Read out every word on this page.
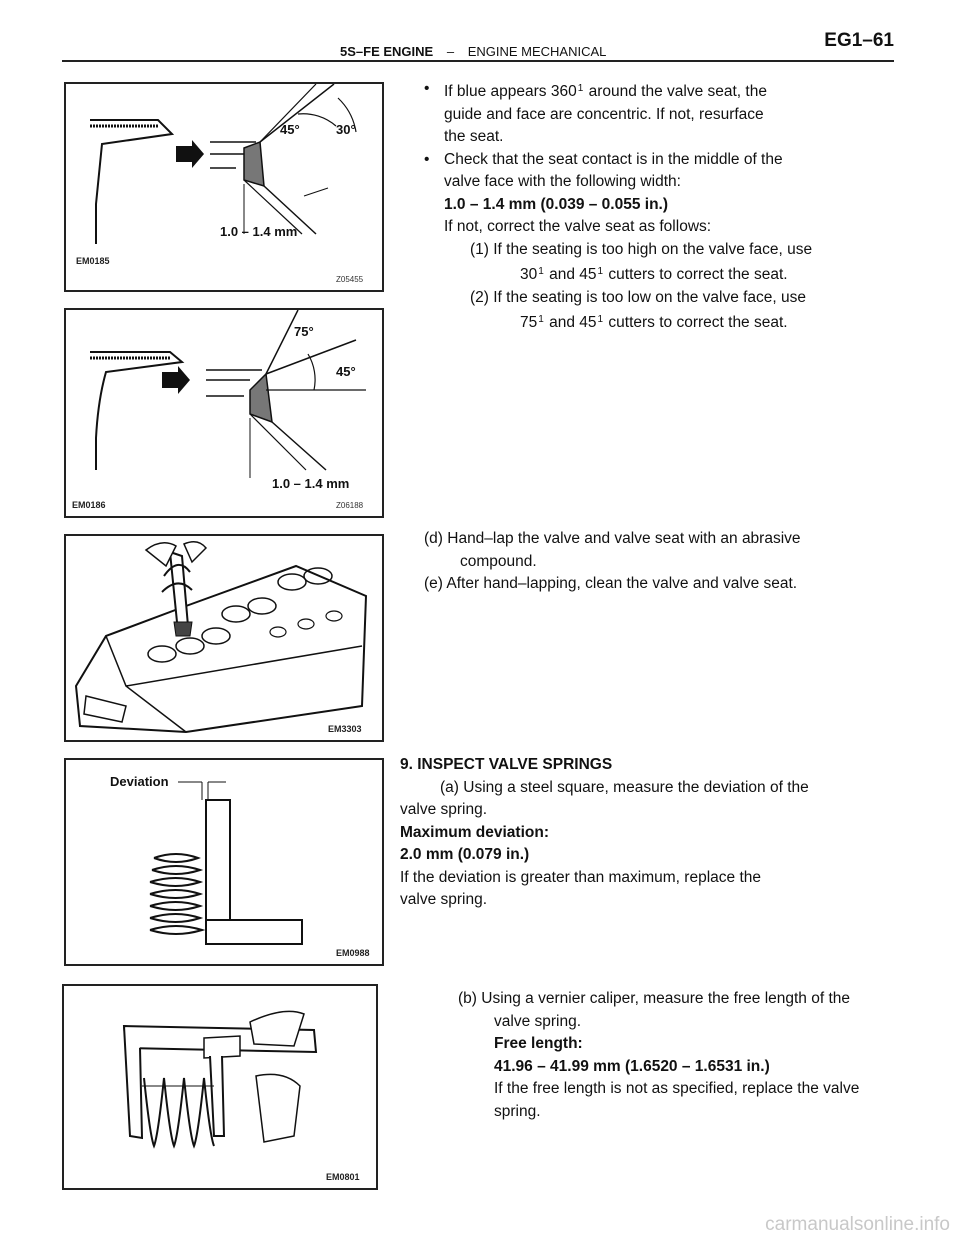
5S–FE ENGINE – ENGINE MECHANICAL
EG1–61
45°	30°
1.0 – 1.4 mm
EM0185
Z05455
75°
45°
1.0 – 1.4 mm
EM0186	Z06188
EM3303
Deviation
EM0988
EM0801

• If blue appears $360^1$ around the valve seat, the

guide and face are concentric. If not, resurface

the seat.

• Check that the seat contact is in the middle of the

valve face with the following width:

1.0 – 1.4 mm (0.039 – 0.055 in.)

If not, correct the valve seat as follows:

(1) If the seating is too high on the valve face, use

$30^1$ and $45^1$ cutters to correct the seat.

(2) If the seating is too low on the valve face, use

$75^1$ and $45^1$ cutters to correct the seat.

(d) Hand–lap the valve and valve seat with an abrasive

compound.

(e) After hand–lapping, clean the valve and valve seat.

9. INSPECT VALVE SPRINGS

(a) Using a steel square, measure the deviation of the

valve spring.

Maximum deviation:

2.0 mm (0.079 in.)

If the deviation is greater than maximum, replace the

valve spring.

(b) Using a vernier caliper, measure the free length of the

valve spring.

Free length:

41.96 – 41.99 mm (1.6520 – 1.6531 in.)

If the free length is not as specified, replace the valve

spring.

carmanualsonline.info
